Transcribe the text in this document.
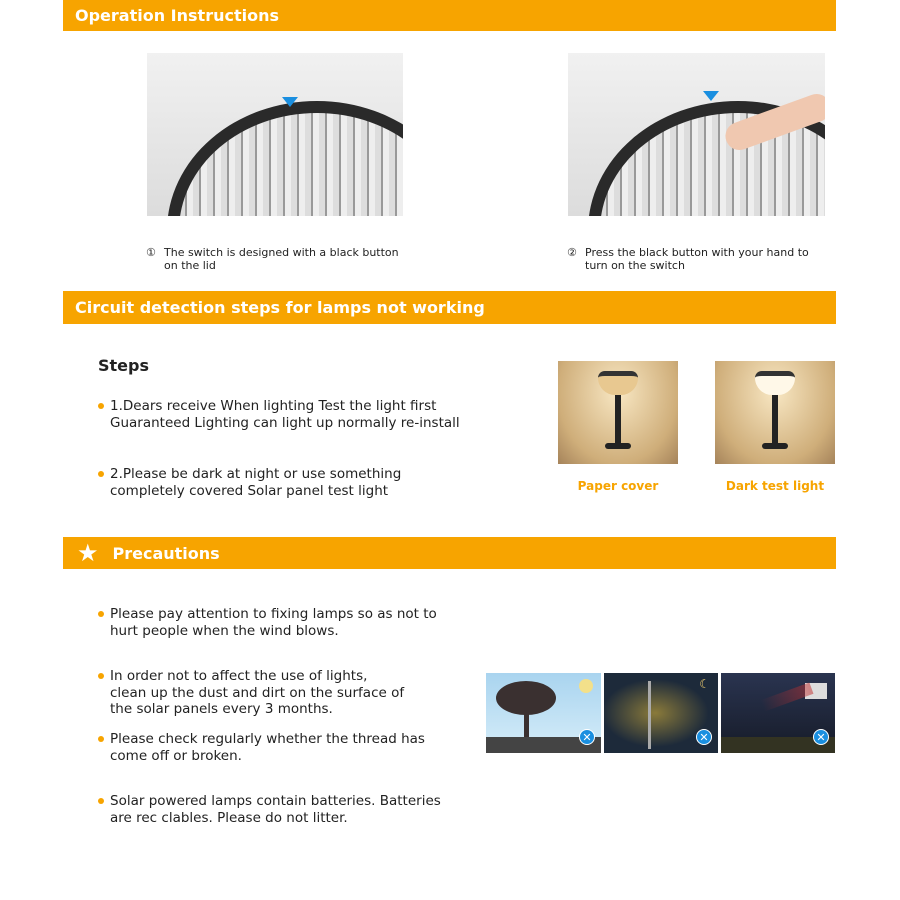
Operation Instructions
① The switch is designed with a black button on the lid
② Press the black button with your hand to turn on the switch
Circuit detection steps for lamps not working
Steps
1.Dears receive When lighting Test the light first Guaranteed Lighting can light up normally re-install
2.Please be dark at night or use something completely covered Solar panel test light	Paper cover	Dark test light
★ Precautions
Please pay attention to fixing lamps so as not to hurt people when the wind blows.
In order not to affect the use of lights, clean up the dust and dirt on the surface of the solar panels every 3 months.
Please check regularly whether the thread has come off or broken.
Solar powered lamps contain batteries. Batteries are rec clables. Please do not litter.
✕
☾
✕	✕
